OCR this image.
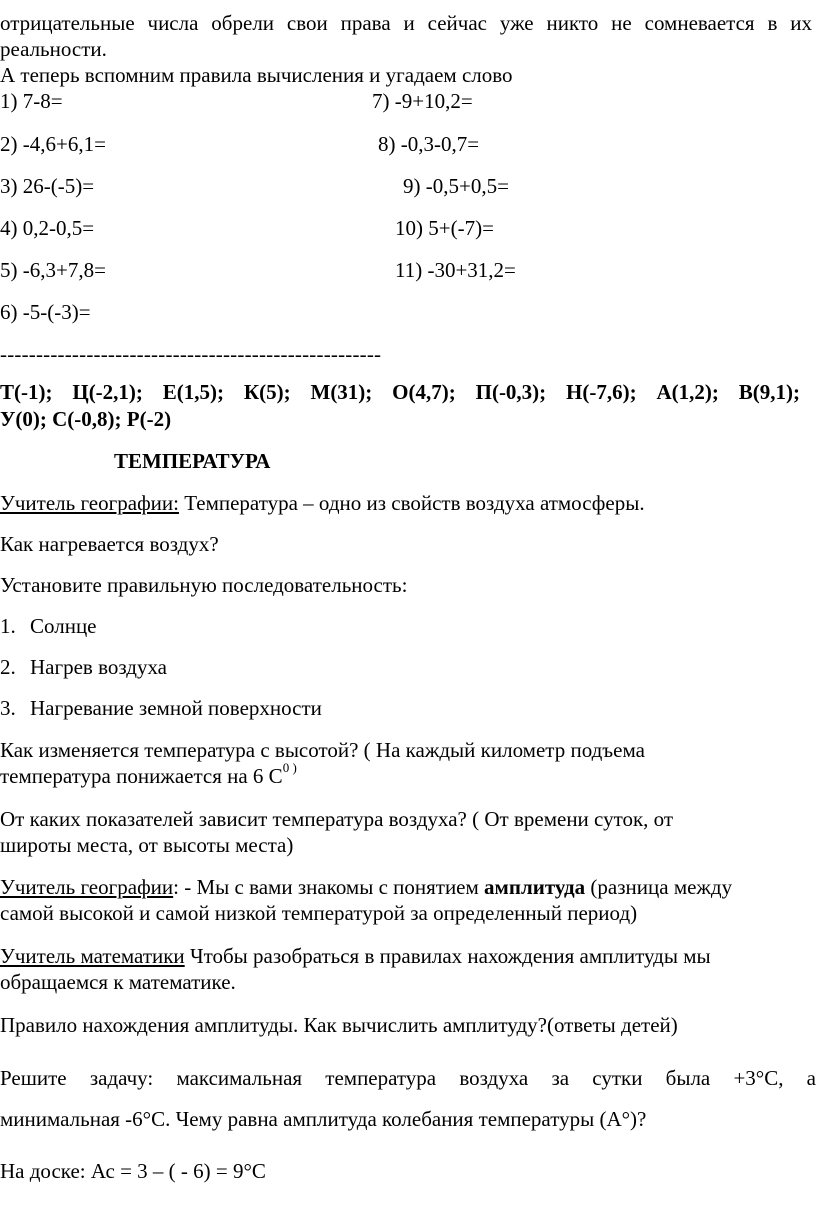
отрицательные числа обрели свои права и сейчас уже никто не сомневается в их
реальности.
А теперь вспомним правила вычисления и угадаем слово
1) 7-8=	7) -9+10,2=
2) -4,6+6,1=	8) -0,3-0,7=
3) 26-(-5)=	9) -0,5+0,5=
4) 0,2-0,5=	10) 5+(-7)=
5) -6,3+7,8=	11) -30+31,2=
6) -5-(-3)=
-----------------------------------------------------
Т(-1); Ц(-2,1); Е(1,5); К(5); М(31); О(4,7); П(-0,3); Н(-7,6); А(1,2); В(9,1);
У(0); С(-0,8); Р(-2)
ТЕМПЕРАТУРА
Учитель географии: Температура – одно из свойств воздуха атмосферы.
Как нагревается воздух?
Установите правильную последовательность:
1. Солнце
2. Нагрев воздуха
3. Нагревание земной поверхности
Как изменяется температура с высотой? ( На каждый километр подъема
температура понижается на 6 $С^{0 )}$
От каких показателей зависит температура воздуха? ( От времени суток, от
широты места, от высоты места)
Учитель географии: - Мы с вами знакомы с понятием амплитуда (разница между
самой высокой и самой низкой температурой за определенный период)
Учитель математики Чтобы разобраться в правилах нахождения амплитуды мы
обращаемся к математике.
Правило нахождения амплитуды. Как вычислить амплитуду?(ответы детей)
Решите задачу: максимальная температура воздуха за сутки была +3°С, а
минимальная -6°С. Чему равна амплитуда колебания температуры (А°)?
На доске: Ас = 3 – ( - 6) = 9°С
